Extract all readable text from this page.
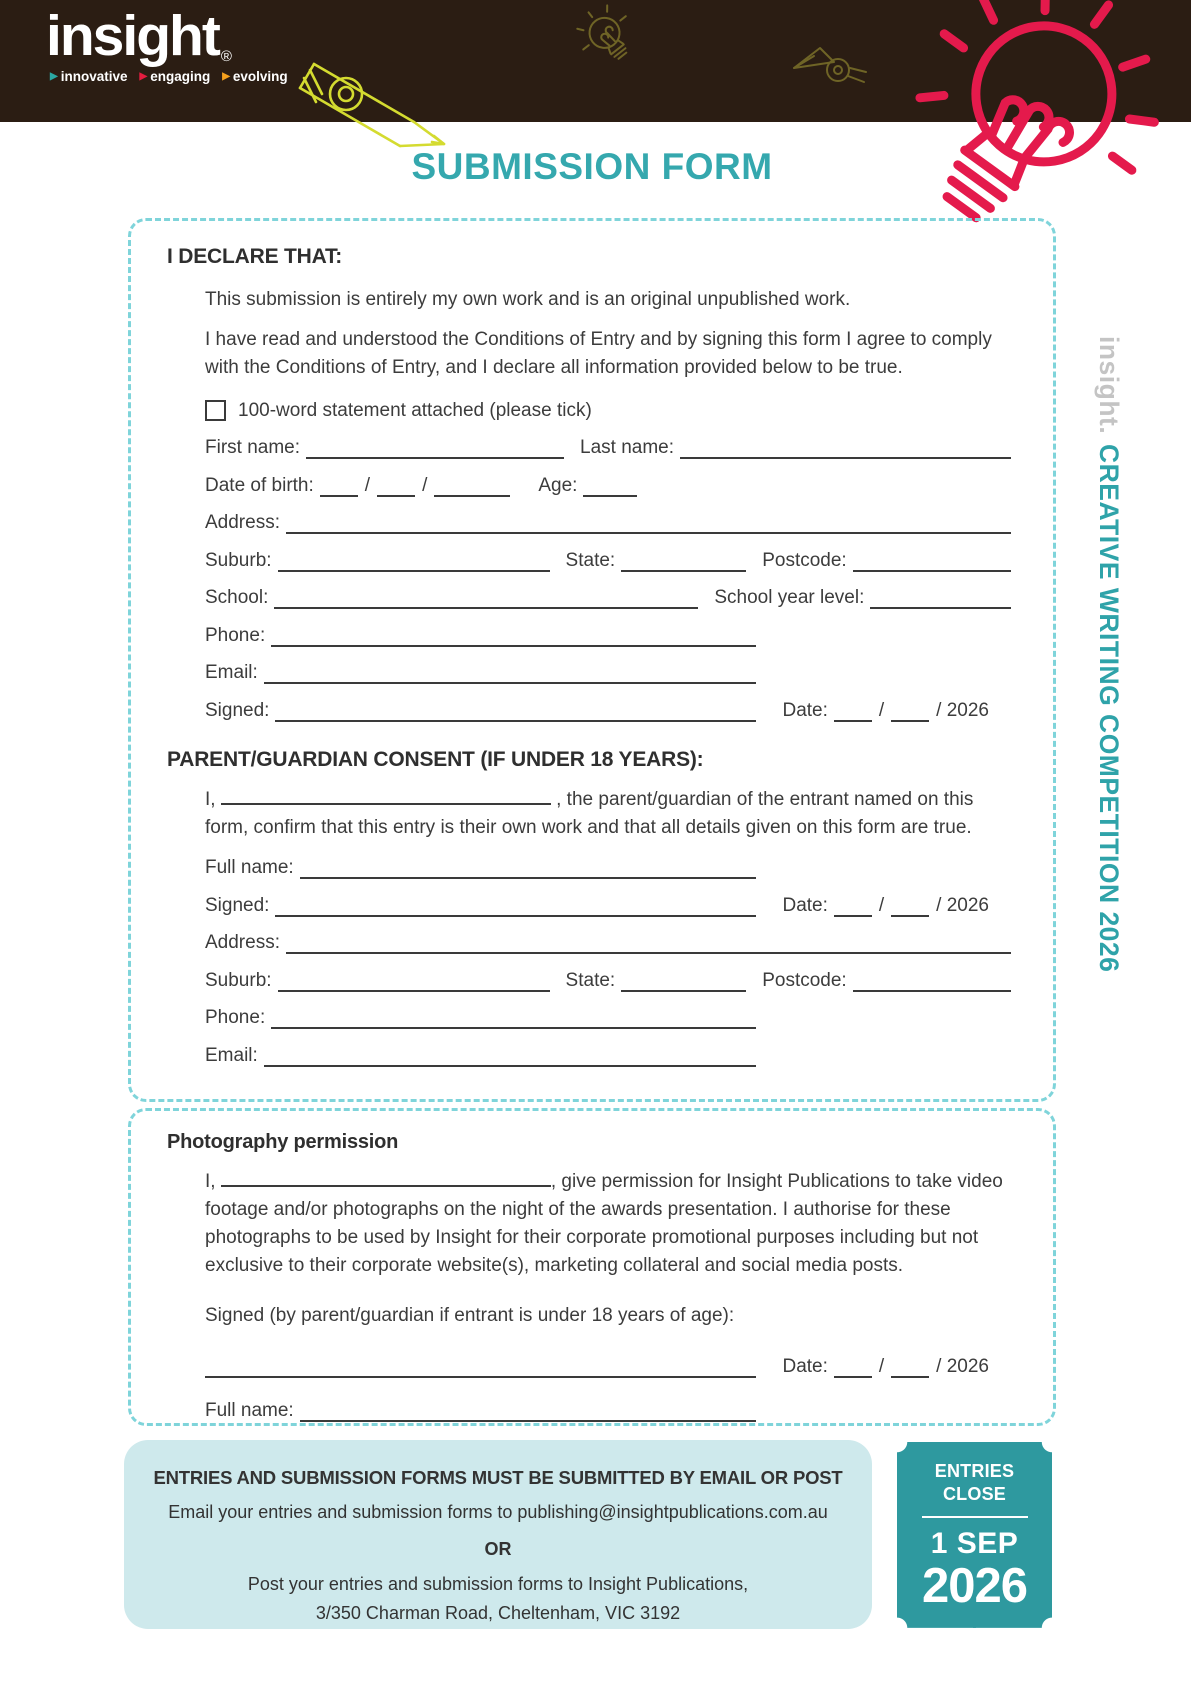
insight ®
▶ innovative ▶ engaging ▶ evolving
SUBMISSION FORM
insight.CREATIVE WRITING COMPETITION 2026
I DECLARE THAT:

This submission is entirely my own work and is an original unpublished work.

I have read and understood the Conditions of Entry and by signing this form I agree to comply with the Conditions of Entry, and I declare all information provided below to be true.

100-word statement attached (please tick)
First name:	Last name:
Date of birth:	/	/	Age:
Address:
Suburb:	State:	Postcode:
School:	School year level:
Phone:
Email:
Signed:	Date:	/	/ 2026
PARENT/GUARDIAN CONSENT (IF UNDER 18 YEARS):

I,	, the parent/guardian of the entrant named on this form, confirm that this entry is their own work and that all details given on this form are true.

Full name:
Signed:	Date:	/	/ 2026
Address:
Suburb:	State:	Postcode:
Phone:
Email:
Photography permission

I,	, give permission for Insight Publications to take video footage and/or photographs on the night of the awards presentation. I authorise for these photographs to be used by Insight for their corporate promotional purposes including but not exclusive to their corporate website(s), marketing collateral and social media posts.

Signed (by parent/guardian if entrant is under 18 years of age):

Date:	/	/ 2026
Full name:
ENTRIES AND SUBMISSION FORMS MUST BE SUBMITTED BY EMAIL OR POST
Email your entries and submission forms to publishing@insightpublications.com.au
OR
Post your entries and submission forms to Insight Publications,
3/350 Charman Road, Cheltenham, VIC 3192
ENTRIES
CLOSE
1 SEP
2026
